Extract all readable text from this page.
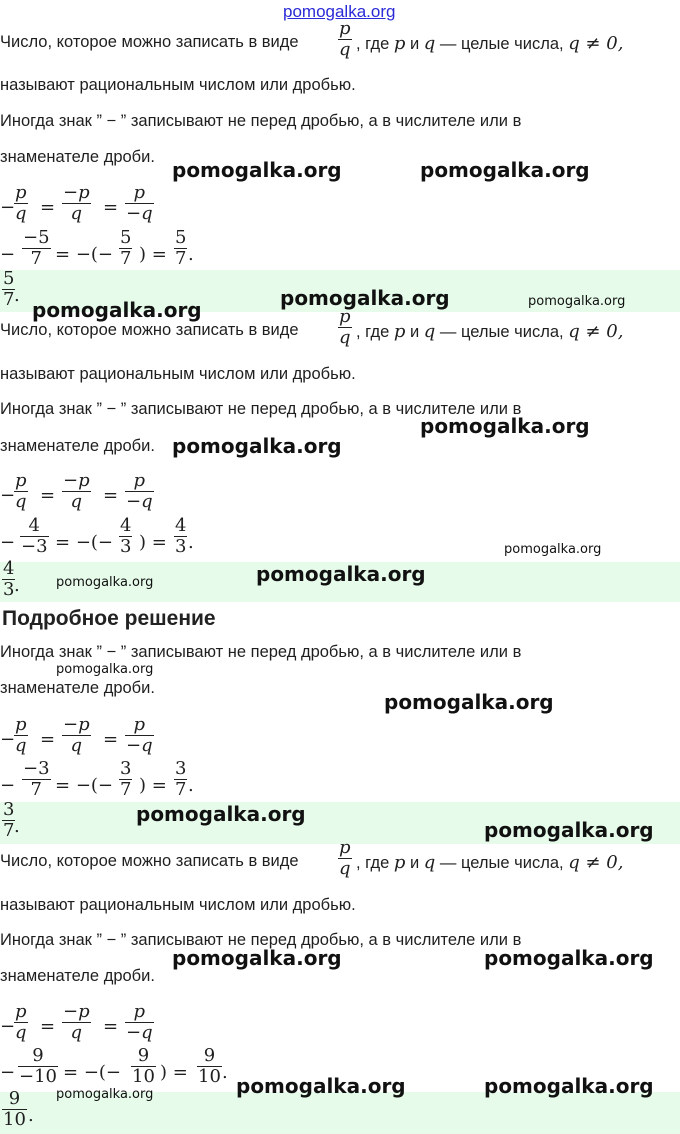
pomogalka.org
Число, которое можно записать в виде
p
q , где p и q — целые числа, q ≠ 0,
называют рациональным числом или дробью.
Иногда знак ” − ” записывают не перед дробью, а в числителе или в
знаменателе дроби.
−
p
q =
−p
q	=
p
−q
−
−5
7 = −(−
5
7 ) =
5
7 .
5
7 .
Число, которое можно записать в виде
p
q , где p и q — целые числа, q ≠ 0,
называют рациональным числом или дробью.
Иногда знак ” − ” записывают не перед дробью, а в числителе или в
знаменателе дроби.
−
p
q =
−p
q	=
p
−q
−
4
−3 = −(−
4
3 ) =
4
3 .
4
3 .
Подробное решение
Иногда знак ” − ” записывают не перед дробью, а в числителе или в
знаменателе дроби.
−
p
q =
−p
q	=
p
−q
−
−3
7 = −(−
3
7 ) =
3
7 .
3
7 .
Число, которое можно записать в виде
p
q , где p и q — целые числа, q ≠ 0,
называют рациональным числом или дробью.
Иногда знак ” − ” записывают не перед дробью, а в числителе или в
знаменателе дроби.
−
p
q =
−p
q	=
p
−q
−
9
−10 = −(−
9
10 ) =
9
10 .
9
10 .
pomogalka.org	pomogalka.org
pomogalka.org	pomogalka.org	pomogalka.org
pomogalka.org
pomogalka.org
pomogalka.org
pomogalka.org	pomogalka.org
pomogalka.org
pomogalka.org
pomogalka.org
pomogalka.org
pomogalka.org	pomogalka.org
pomogalka.org	pomogalka.org	pomogalka.org
